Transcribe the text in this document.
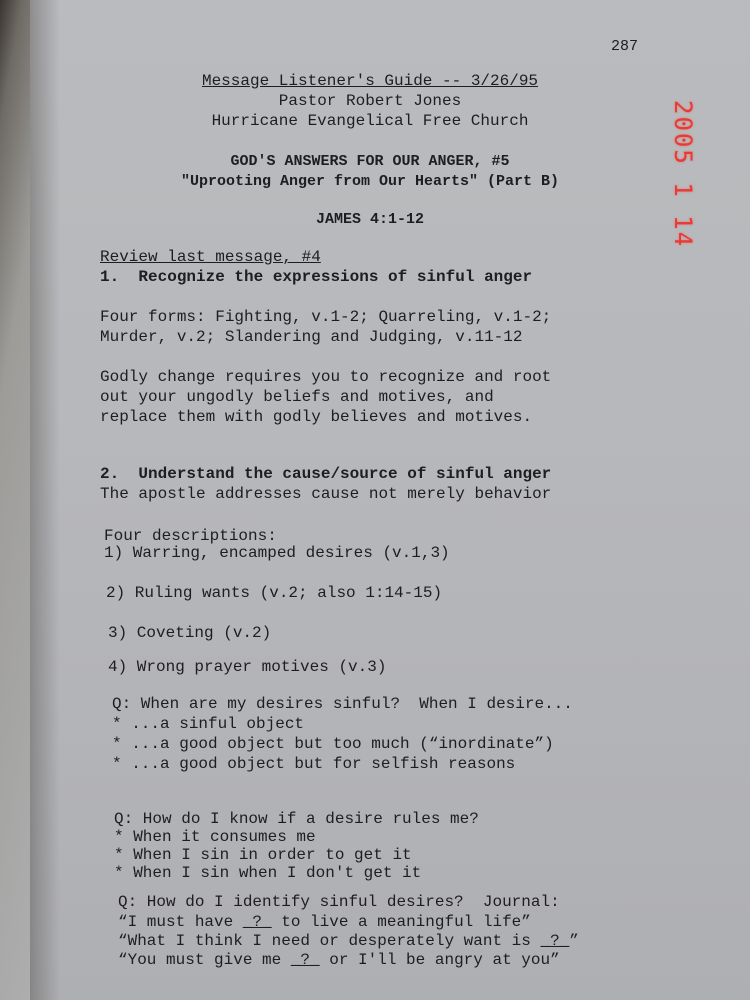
287
2005 1 14
Message Listener's Guide -- 3/26/95
Pastor Robert Jones
Hurricane Evangelical Free Church
GOD'S ANSWERS FOR OUR ANGER, #5
"Uprooting Anger from Our Hearts" (Part B)
JAMES 4:1-12
Review last message, #4
1.  Recognize the expressions of sinful anger
Four forms: Fighting, v.1-2; Quarreling, v.1-2;
Murder, v.2; Slandering and Judging, v.11-12
Godly change requires you to recognize and root
out your ungodly beliefs and motives, and
replace them with godly believes and motives.
2.  Understand the cause/source of sinful anger
The apostle addresses cause not merely behavior
Four descriptions:
1) Warring, encamped desires (v.1,3)
2) Ruling wants (v.2; also 1:14-15)
3) Coveting (v.2)
4) Wrong prayer motives (v.3)
Q: When are my desires sinful?  When I desire...
* ...a sinful object
* ...a good object but too much (“inordinate”)
* ...a good object but for selfish reasons
Q: How do I know if a desire rules me?
* When it consumes me
* When I sin in order to get it
* When I sin when I don't get it
Q: How do I identify sinful desires?  Journal:
“I must have _?_ to live a meaningful life”
“What I think I need or desperately want is _?_”
“You must give me _?_ or I'll be angry at you”
